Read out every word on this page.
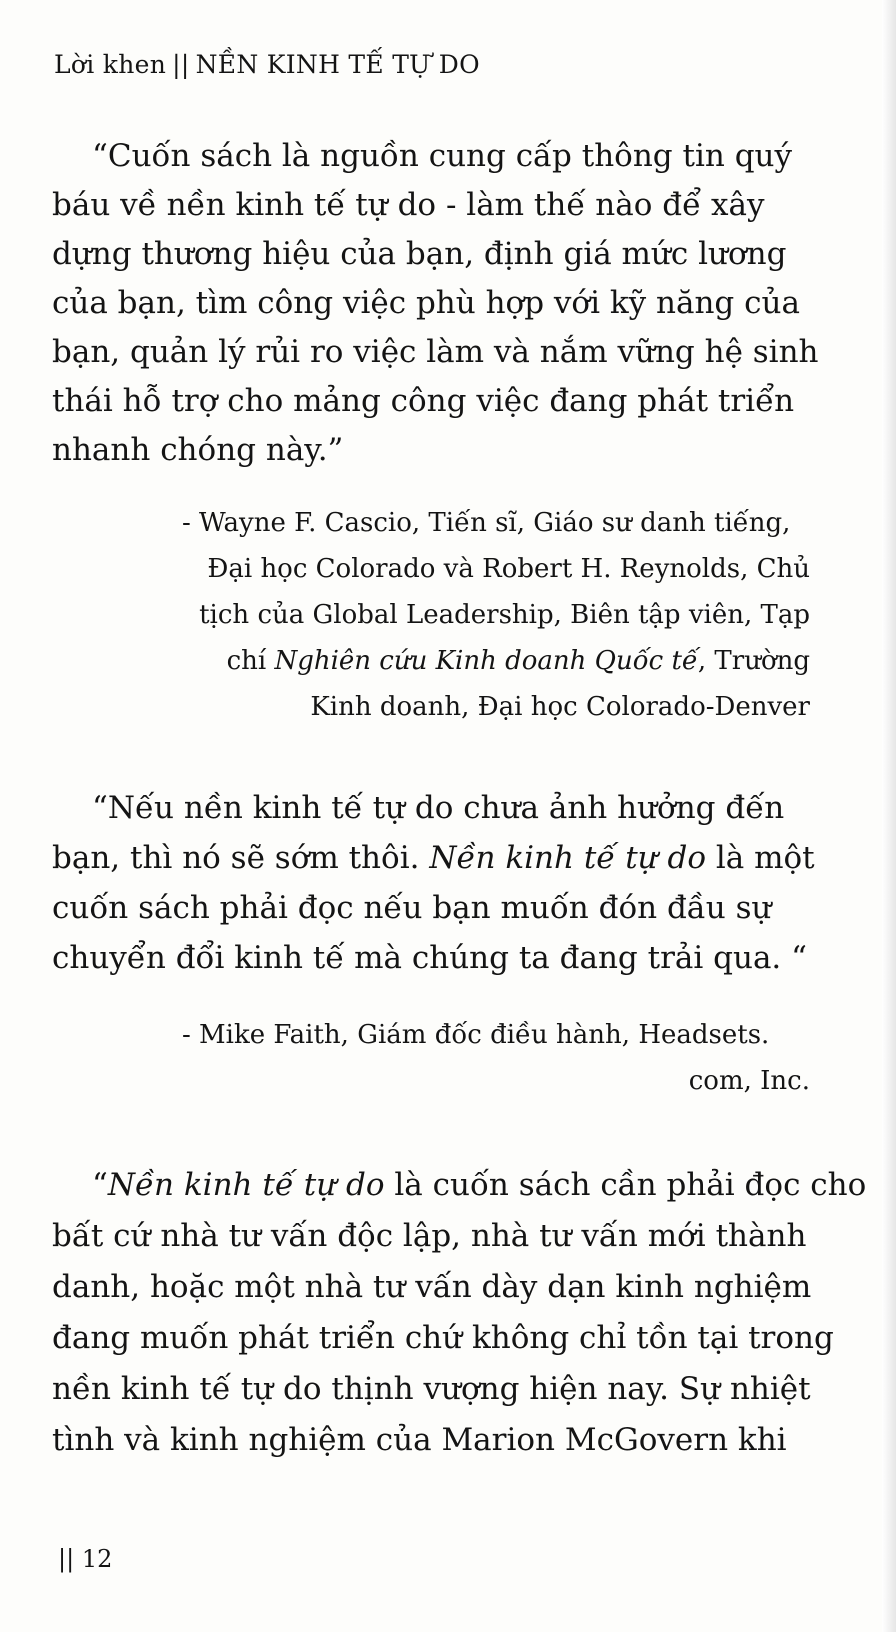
Lời khen || NỀN KINH TẾ TỰ DO
“Cuốn sách là nguồn cung cấp thông tin quý
báu về nền kinh tế tự do - làm thế nào để xây
dựng thương hiệu của bạn, định giá mức lương
của bạn, tìm công việc phù hợp với kỹ năng của
bạn, quản lý rủi ro việc làm và nắm vững hệ sinh
thái hỗ trợ cho mảng công việc đang phát triển
nhanh chóng này.”
- Wayne F. Cascio, Tiến sĩ, Giáo sư danh tiếng,
Đại học Colorado và Robert H. Reynolds, Chủ
tịch của Global Leadership, Biên tập viên, Tạp
chí Nghiên cứu Kinh doanh Quốc tế, Trường
Kinh doanh, Đại học Colorado-Denver
“Nếu nền kinh tế tự do chưa ảnh hưởng đến
bạn, thì nó sẽ sớm thôi. Nền kinh tế tự do là một
cuốn sách phải đọc nếu bạn muốn đón đầu sự
chuyển đổi kinh tế mà chúng ta đang trải qua. “
- Mike Faith, Giám đốc điều hành, Headsets.
com, Inc.
“Nền kinh tế tự do là cuốn sách cần phải đọc cho
bất cứ nhà tư vấn độc lập, nhà tư vấn mới thành
danh, hoặc một nhà tư vấn dày dạn kinh nghiệm
đang muốn phát triển chứ không chỉ tồn tại trong
nền kinh tế tự do thịnh vượng hiện nay. Sự nhiệt
tình và kinh nghiệm của Marion McGovern khi
|| 12
